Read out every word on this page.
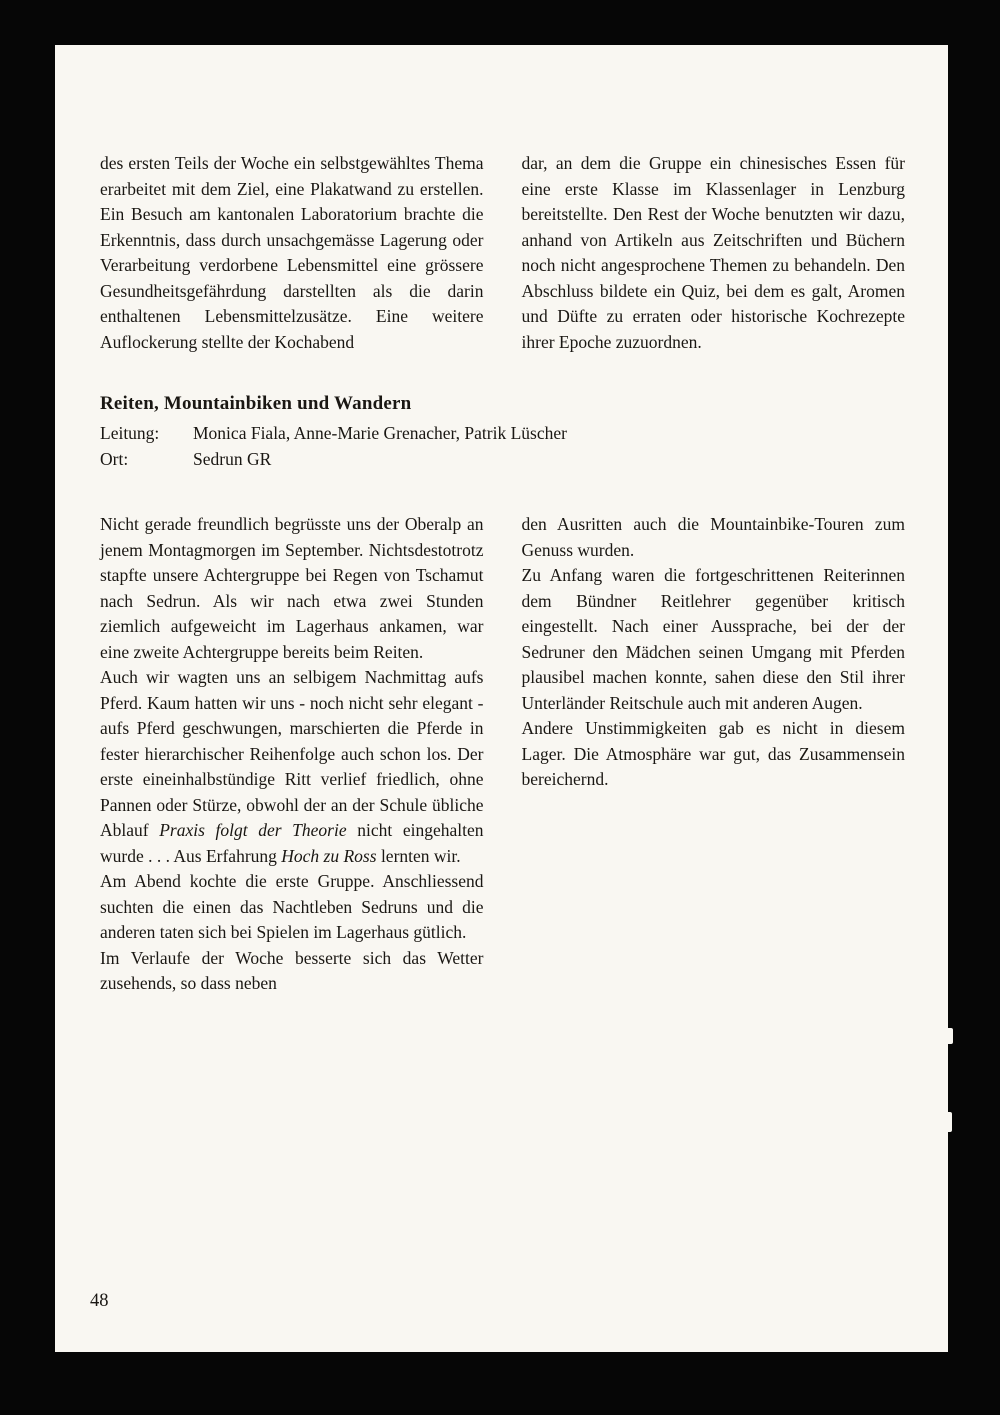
des ersten Teils der Woche ein selbstgewähltes Thema erarbeitet mit dem Ziel, eine Plakatwand zu erstellen. Ein Besuch am kantonalen Laboratorium brachte die Erkenntnis, dass durch unsachgemässe Lagerung oder Verarbeitung verdorbene Lebensmittel eine grössere Gesundheitsgefährdung darstellten als die darin enthaltenen Lebensmittelzusätze. Eine weitere Auflockerung stellte der Kochabend

dar, an dem die Gruppe ein chinesisches Essen für eine erste Klasse im Klassenlager in Lenzburg bereitstellte. Den Rest der Woche benutzten wir dazu, anhand von Artikeln aus Zeitschriften und Büchern noch nicht angesprochene Themen zu behandeln. Den Abschluss bildete ein Quiz, bei dem es galt, Aromen und Düfte zu erraten oder historische Kochrezepte ihrer Epoche zuzuordnen.

Reiten, Mountainbiken und Wandern
Leitung:	Monica Fiala, Anne-Marie Grenacher, Patrik Lüscher
Ort:	Sedrun GR

Nicht gerade freundlich begrüsste uns der Oberalp an jenem Montagmorgen im September. Nichtsdestotrotz stapfte unsere Achtergruppe bei Regen von Tschamut nach Sedrun. Als wir nach etwa zwei Stunden ziemlich aufgeweicht im Lagerhaus ankamen, war eine zweite Achtergruppe bereits beim Reiten.

Auch wir wagten uns an selbigem Nachmittag aufs Pferd. Kaum hatten wir uns - noch nicht sehr elegant - aufs Pferd geschwungen, marschierten die Pferde in fester hierarchischer Reihenfolge auch schon los. Der erste eineinhalbstündige Ritt verlief friedlich, ohne Pannen oder Stürze, obwohl der an der Schule übliche Ablauf Praxis folgt der Theorie nicht eingehalten wurde . . . Aus Erfahrung Hoch zu Ross lernten wir.

Am Abend kochte die erste Gruppe. Anschliessend suchten die einen das Nachtleben Sedruns und die anderen taten sich bei Spielen im Lagerhaus gütlich.

Im Verlaufe der Woche besserte sich das Wetter zusehends, so dass neben

den Ausritten auch die Mountainbike-Touren zum Genuss wurden.

Zu Anfang waren die fortgeschrittenen Reiterinnen dem Bündner Reitlehrer gegenüber kritisch eingestellt. Nach einer Aussprache, bei der der Sedruner den Mädchen seinen Umgang mit Pferden plausibel machen konnte, sahen diese den Stil ihrer Unterländer Reitschule auch mit anderen Augen.

Andere Unstimmigkeiten gab es nicht in diesem Lager. Die Atmosphäre war gut, das Zusammensein bereichernd.

48
